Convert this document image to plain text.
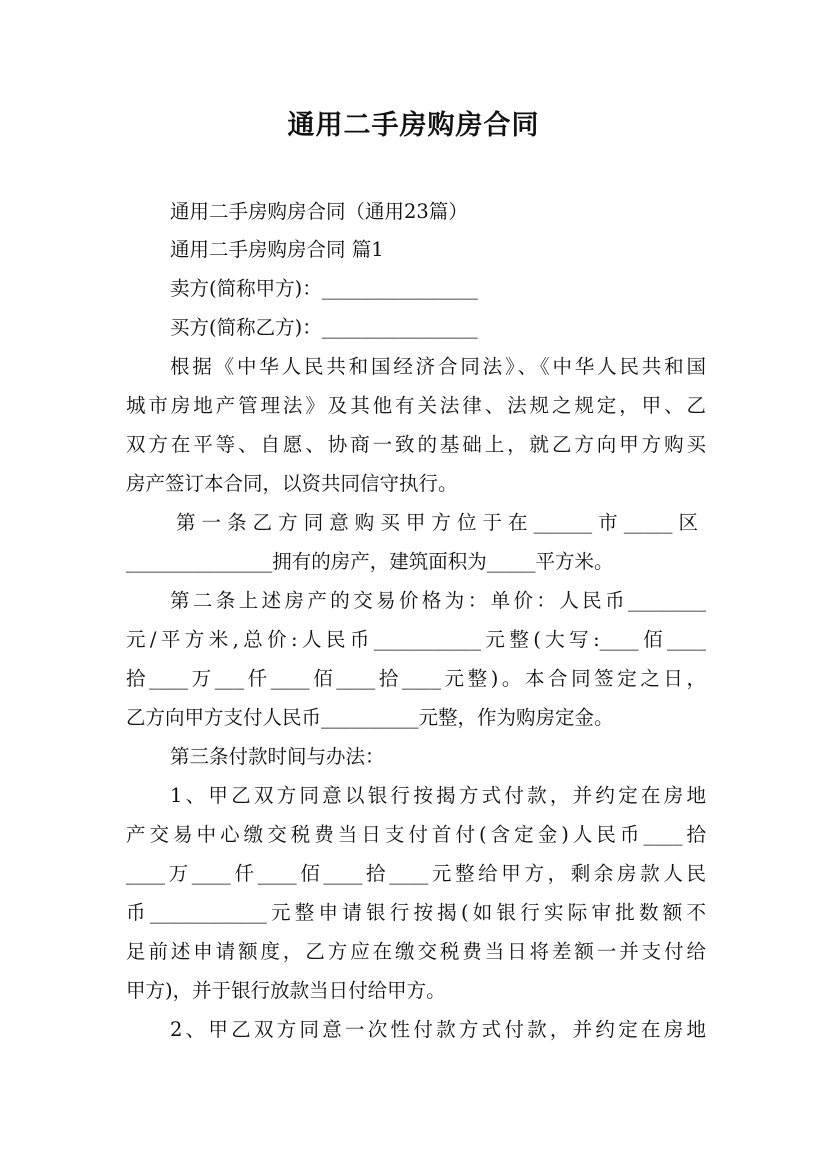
通用二手房购房合同
通用二手房购房合同（通用23篇）
通用二手房购房合同 篇1
卖方(简称甲方)：________________
买方(简称乙方)：________________
根据《中华人民共和国经济合同法》、《中华人民共和国
城市房地产管理法》及其他有关法律、法规之规定，甲、乙
双方在平等、自愿、协商一致的基础上，就乙方向甲方购买
房产签订本合同，以资共同信守执行。
第一条乙方同意购买甲方位于在______市_____区
_______________拥有的房产，建筑面积为_____平方米。
第二条上述房产的交易价格为：单价：人民币________
元/平方米,总价:人民币___________元整(大写:____佰____
拾____万___仟____佰____拾____元整)。本合同签定之日，
乙方向甲方支付人民币__________元整，作为购房定金。
第三条付款时间与办法：
1、甲乙双方同意以银行按揭方式付款，并约定在房地
产交易中心缴交税费当日支付首付(含定金)人民币____拾
____万____仟____佰____拾____元整给甲方，剩余房款人民
币____________元整申请银行按揭(如银行实际审批数额不
足前述申请额度，乙方应在缴交税费当日将差额一并支付给
甲方)，并于银行放款当日付给甲方。
2、甲乙双方同意一次性付款方式付款，并约定在房地
